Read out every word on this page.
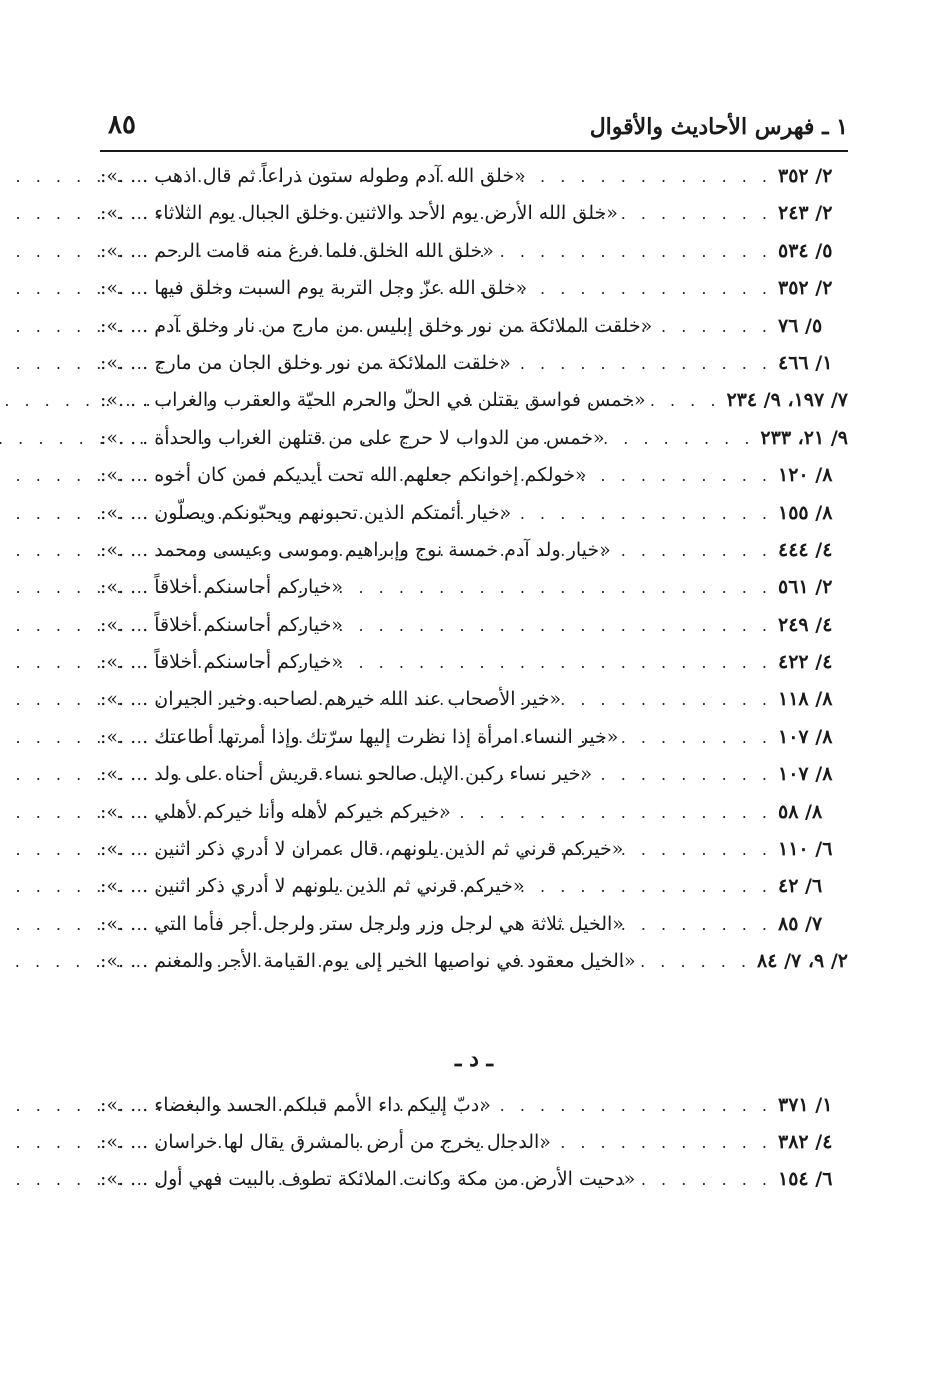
١ ـ فهرس الأحاديث والأقوال
٨٥
«خلق الله آدم وطوله ستون ذراعاً ثم قال اذهب . . .»: . . .	٢/ ٣٥٢
«خلق الله الأرض يوم الأحد والاثنين وخلق الجبال يوم الثلاثاء . . .»: . . .	٢/ ٢٤٣
«خلق الله الخلق فلما فرغ منه قامت الرحم . . .»: . . .	٥/ ٥٣٤
«خلق الله عزّ وجل التربة يوم السبت وخلق فيها . . .»: . . .	٢/ ٣٥٢
«خلقت الملائكة من نور وخلق إبليس من مارج من نار وخلق آدم . . .»: . . .	٥/ ٧٦
«خلقت الملائكة من نور وخلق الجان من مارج . . .»: . . .	١/ ٤٦٦
«خمس فواسق يقتلن في الحلّ والحرم الحيّة والعقرب والغراب . . .»: . . .	٧/ ١٩٧، ٩/ ٢٣٤
«خمس من الدواب لا حرج على من قتلهن الغراب والحدأة . . .»: . . .	٩/ ٢١، ٢٣٣
«خولكم إخوانكم جعلهم الله تحت أيديكم فمن كان أخوه . . .»: . . .	٨/ ١٢٠
«خيار أئمتكم الذين تحبونهم ويحبّونكم ويصلّون . . .»: . . .	٨/ ١٥٥
«خيار ولد آدم خمسة نوح وإبراهيم وموسى وعيسى ومحمد . . .»: . . .	٤/ ٤٤٤
«خياركم أحاسنكم أخلاقاً . . .»: . . .	٢/ ٥٦١
«خياركم أحاسنكم أخلاقاً . . .»: . . .	٤/ ٢٤٩
«خياركم أحاسنكم أخلاقاً . . .»: . . .	٤/ ٤٢٢
«خير الأصحاب عند الله خيرهم لصاحبه وخير الجيران . . .»: . . .	٨/ ١١٨
«خير النساء امرأة إذا نظرت إليها سرّتك وإذا أمرتها أطاعتك . . .»: . . .	٨/ ١٠٧
«خير نساء ركبن الإبل صالحو نساء قريش أحناه على ولد . . .»: . . .	٨/ ١٠٧
«خيركم خيركم لأهله وأنا خيركم لأهلي . . .»: . . .	٨/ ٥٨
«خيركم قرني ثم الذين يلونهم، قال عمران لا أدري ذكر اثنين . . .»: . . .	٦/ ١١٠
«خيركم قرني ثم الذين يلونهم لا أدري ذكر اثنين . . .»: . . .	٦/ ٤٢
«الخيل ثلاثة هي لرجل وزر ولرجل ستر ولرجل أجر فأما التي . . .»: . . .	٧/ ٨٥
«الخيل معقود في نواصيها الخير إلى يوم القيامة الأجر والمغنم . . .»: . . .	٢/ ٩، ٧/ ٨٤
ـ د ـ
«دبّ إليكم داء الأمم قبلكم الحسد والبغضاء . . .»: . . .	١/ ٣٧١
«الدجال يخرج من أرض بالمشرق يقال لها خراسان . . .»: . . .	٤/ ٣٨٢
«دحيت الأرض من مكة وكانت الملائكة تطوف بالبيت فهي أول . . .»: . . .	٦/ ١٥٤
